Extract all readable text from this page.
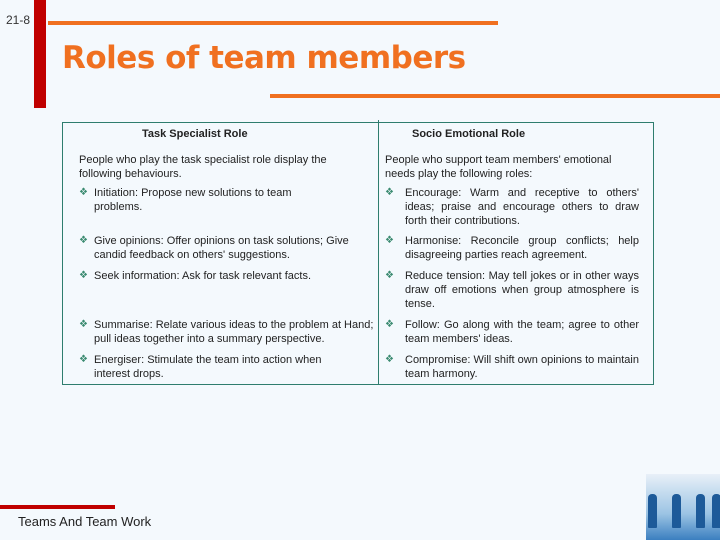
21-8
Roles of team members
Task Specialist Role
People who play the task specialist role display the following behaviours.
❖ Initiation: Propose new solutions to team problems.
❖ Give opinions: Offer opinions on task solutions; Give candid feedback on others' suggestions.
❖ Seek information: Ask for task relevant facts.
❖ Summarise: Relate various ideas to the problem at Hand; pull ideas together into a summary perspective.
❖ Energiser: Stimulate the team into action when interest drops.
Socio Emotional Role
People who support team members' emotional needs play the following roles:
❖ Encourage: Warm and receptive to others' ideas; praise and encourage others to draw forth their contributions.
❖ Harmonise: Reconcile group conflicts; help disagreeing parties reach agreement.
❖ Reduce tension: May tell jokes or in other ways draw off emotions when group atmosphere is tense.
❖ Follow: Go along with the team; agree to other team members' ideas.
❖ Compromise: Will shift own opinions to maintain team harmony.
Teams And Team Work
